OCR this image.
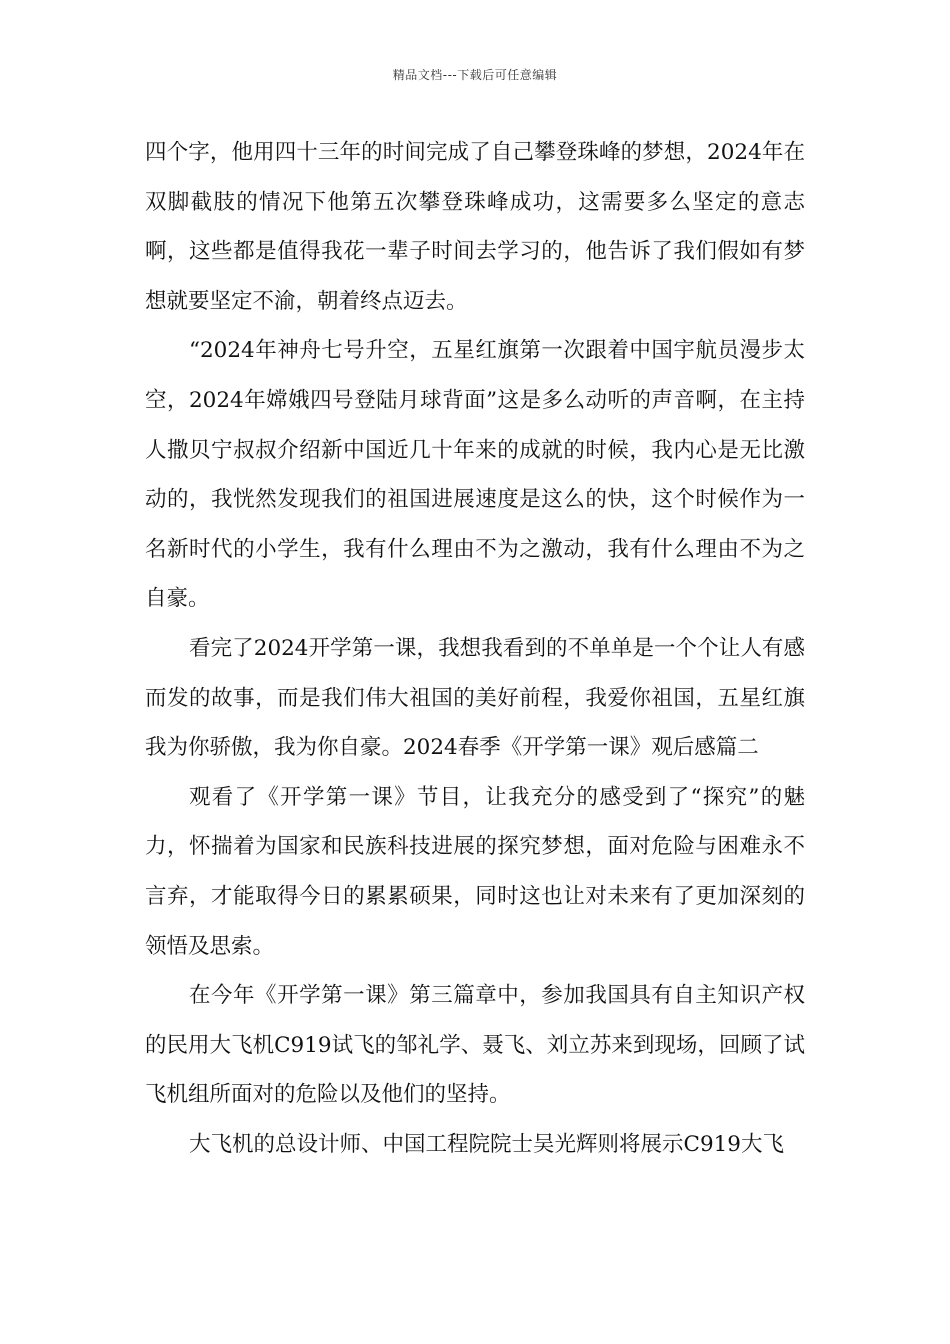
精品文档---下载后可任意编辑

四个字，他用四十三年的时间完成了自己攀登珠峰的梦想，2024年在双脚截肢的情况下他第五次攀登珠峰成功，这需要多么坚定的意志啊，这些都是值得我花一辈子时间去学习的，他告诉了我们假如有梦想就要坚定不渝，朝着终点迈去。

“2024年神舟七号升空，五星红旗第一次跟着中国宇航员漫步太空，2024年嫦娥四号登陆月球背面”这是多么动听的声音啊，在主持人撒贝宁叔叔介绍新中国近几十年来的成就的时候，我内心是无比激动的，我恍然发现我们的祖国进展速度是这么的快，这个时候作为一名新时代的小学生，我有什么理由不为之激动，我有什么理由不为之自豪。

看完了2024开学第一课，我想我看到的不单单是一个个让人有感而发的故事，而是我们伟大祖国的美好前程，我爱你祖国，五星红旗我为你骄傲，我为你自豪。2024春季《开学第一课》观后感篇二

观看了《开学第一课》节目，让我充分的感受到了“探究”的魅力，怀揣着为国家和民族科技进展的探究梦想，面对危险与困难永不言弃，才能取得今日的累累硕果，同时这也让对未来有了更加深刻的领悟及思索。

在今年《开学第一课》第三篇章中，参加我国具有自主知识产权的民用大飞机C919试飞的邹礼学、聂飞、刘立苏来到现场，回顾了试飞机组所面对的危险以及他们的坚持。

大飞机的总设计师、中国工程院院士吴光辉则将展示C919大飞
